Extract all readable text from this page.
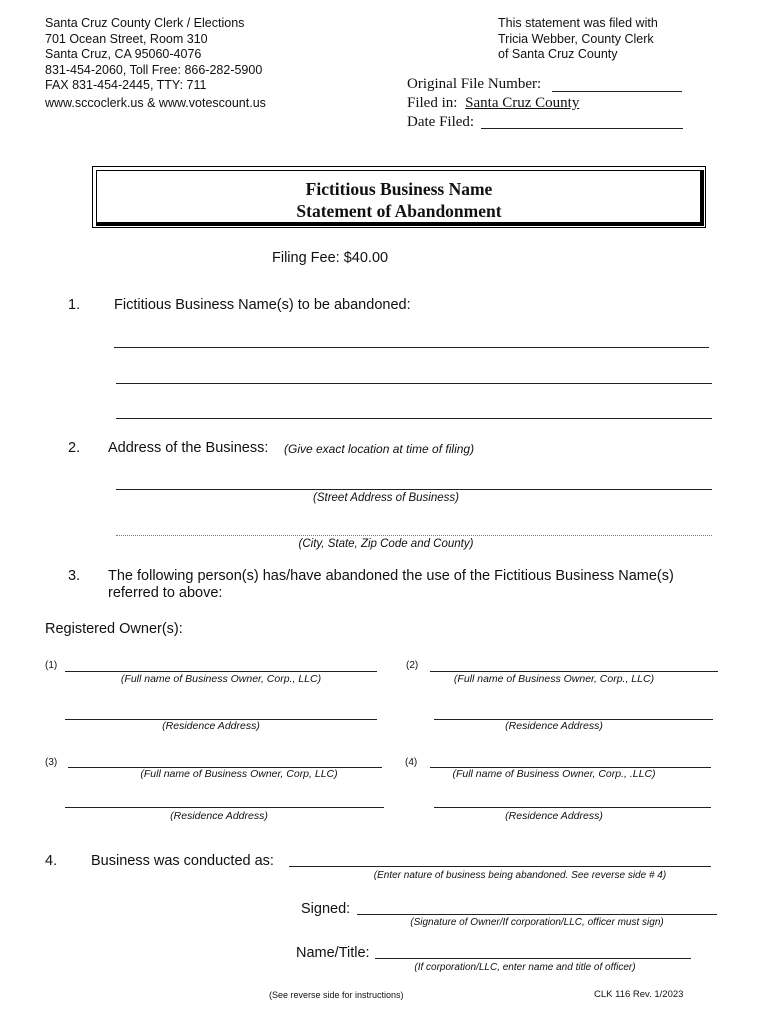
Santa Cruz County Clerk / Elections
701 Ocean Street, Room 310
Santa Cruz, CA 95060-4076
831-454-2060, Toll Free: 866-282-5900
FAX 831-454-2445, TTY: 711
www.sccoclerk.us & www.votescount.us
This statement was filed with
Tricia Webber, County Clerk
of Santa Cruz County
Original File Number:
Filed in: Santa Cruz County
Date Filed:
Fictitious Business Name
Statement of Abandonment
Filing Fee: $40.00
1. Fictitious Business Name(s) to be abandoned:
2. Address of the Business: (Give exact location at time of filing)
(Street Address of Business)
(City, State, Zip Code and County)
3. The following person(s) has/have abandoned the use of the Fictitious Business Name(s)
referred to above:
Registered Owner(s):
(1)
(Full name of Business Owner, Corp., LLC)
(Residence Address)
(2)
(Full name of Business Owner, Corp., LLC)
(Residence Address)
(3)
(Full name of Business Owner, Corp, LLC)
(Residence Address)
(4)
(Full name of Business Owner, Corp., .LLC)
(Residence Address)
4. Business was conducted as:
(Enter nature of business being abandoned. See reverse side # 4)
Signed:
(Signature of Owner/If corporation/LLC, officer must sign)
Name/Title:
(If corporation/LLC, enter name and title of officer)
(See reverse side for instructions)	CLK 116 Rev. 1/2023
